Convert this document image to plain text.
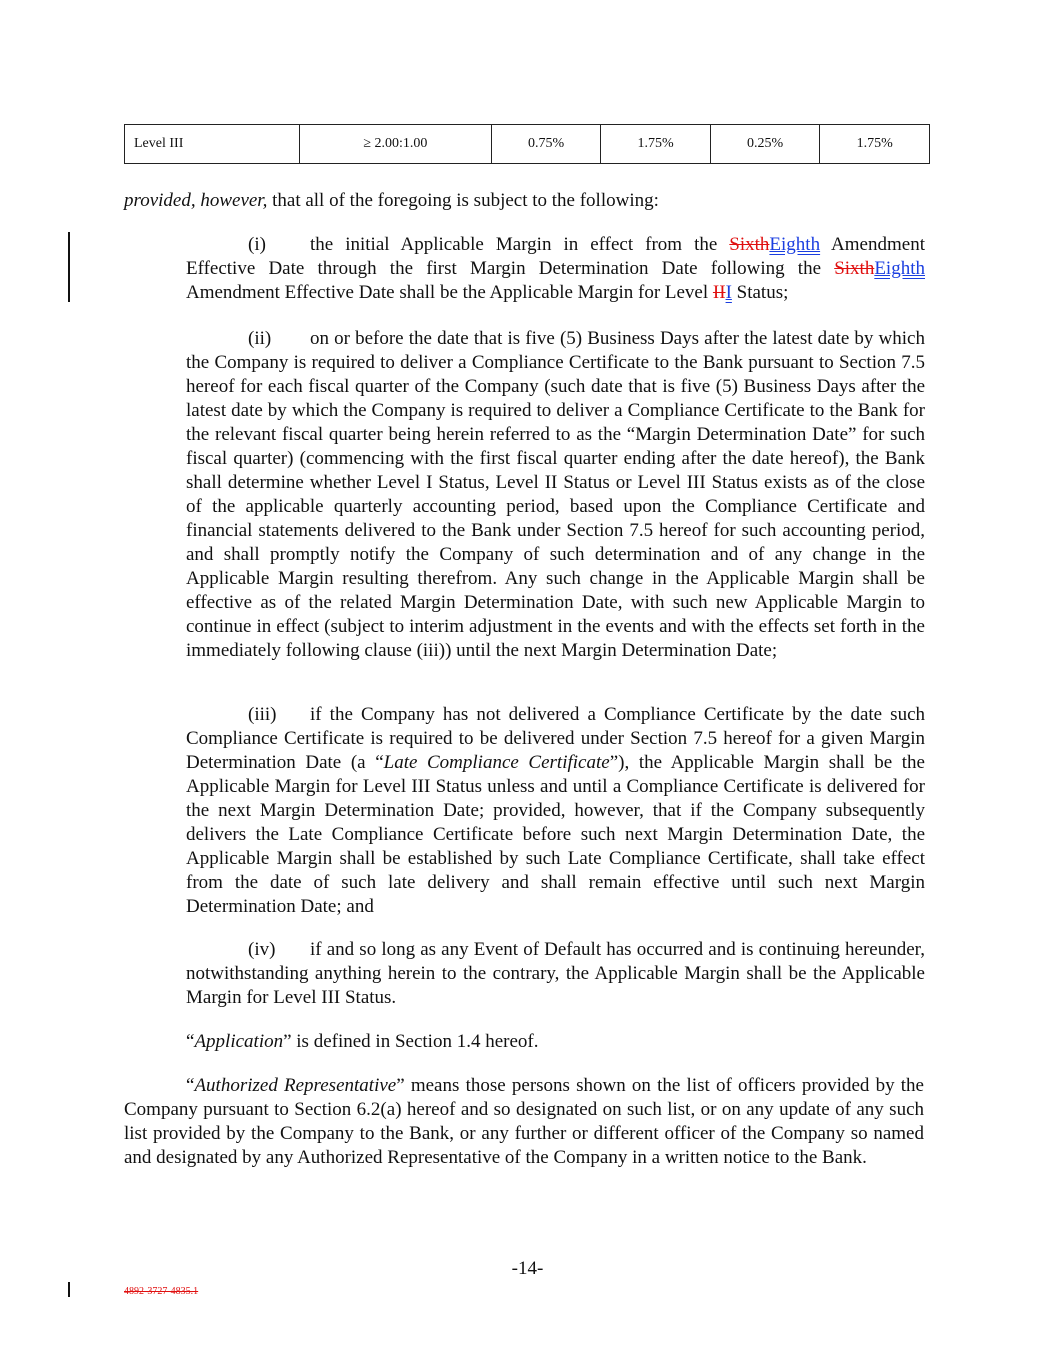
Level III	≥ 2.00:1.00	0.75%	1.75%	0.25%	1.75%

provided, however, that all of the foregoing is subject to the following:

(i) the initial Applicable Margin in effect from the SixthEighth Amendment Effective Date through the first Margin Determination Date following the SixthEighth Amendment Effective Date shall be the Applicable Margin for Level III Status;

(ii) on or before the date that is five (5) Business Days after the latest date by which the Company is required to deliver a Compliance Certificate to the Bank pursuant to Section 7.5 hereof for each fiscal quarter of the Company (such date that is five (5) Business Days after the latest date by which the Company is required to deliver a Compliance Certificate to the Bank for the relevant fiscal quarter being herein referred to as the “Margin Determination Date” for such fiscal quarter) (commencing with the first fiscal quarter ending after the date hereof), the Bank shall determine whether Level I Status, Level II Status or Level III Status exists as of the close of the applicable quarterly accounting period, based upon the Compliance Certificate and financial statements delivered to the Bank under Section 7.5 hereof for such accounting period, and shall promptly notify the Company of such determination and of any change in the Applicable Margin resulting therefrom. Any such change in the Applicable Margin shall be effective as of the related Margin Determination Date, with such new Applicable Margin to continue in effect (subject to interim adjustment in the events and with the effects set forth in the immediately following clause (iii)) until the next Margin Determination Date;

(iii) if the Company has not delivered a Compliance Certificate by the date such Compliance Certificate is required to be delivered under Section 7.5 hereof for a given Margin Determination Date (a “Late Compliance Certificate”), the Applicable Margin shall be the Applicable Margin for Level III Status unless and until a Compliance Certificate is delivered for the next Margin Determination Date; provided, however, that if the Company subsequently delivers the Late Compliance Certificate before such next Margin Determination Date, the Applicable Margin shall be established by such Late Compliance Certificate, shall take effect from the date of such late delivery and shall remain effective until such next Margin Determination Date; and

(iv) if and so long as any Event of Default has occurred and is continuing hereunder, notwithstanding anything herein to the contrary, the Applicable Margin shall be the Applicable Margin for Level III Status.

“Application” is defined in Section 1.4 hereof.

“Authorized Representative” means those persons shown on the list of officers provided by the Company pursuant to Section 6.2(a) hereof and so designated on such list, or on any update of any such list provided by the Company to the Bank, or any further or different officer of the Company so named and designated by any Authorized Representative of the Company in a written notice to the Bank.

-14-
4892-3727-4835.1
